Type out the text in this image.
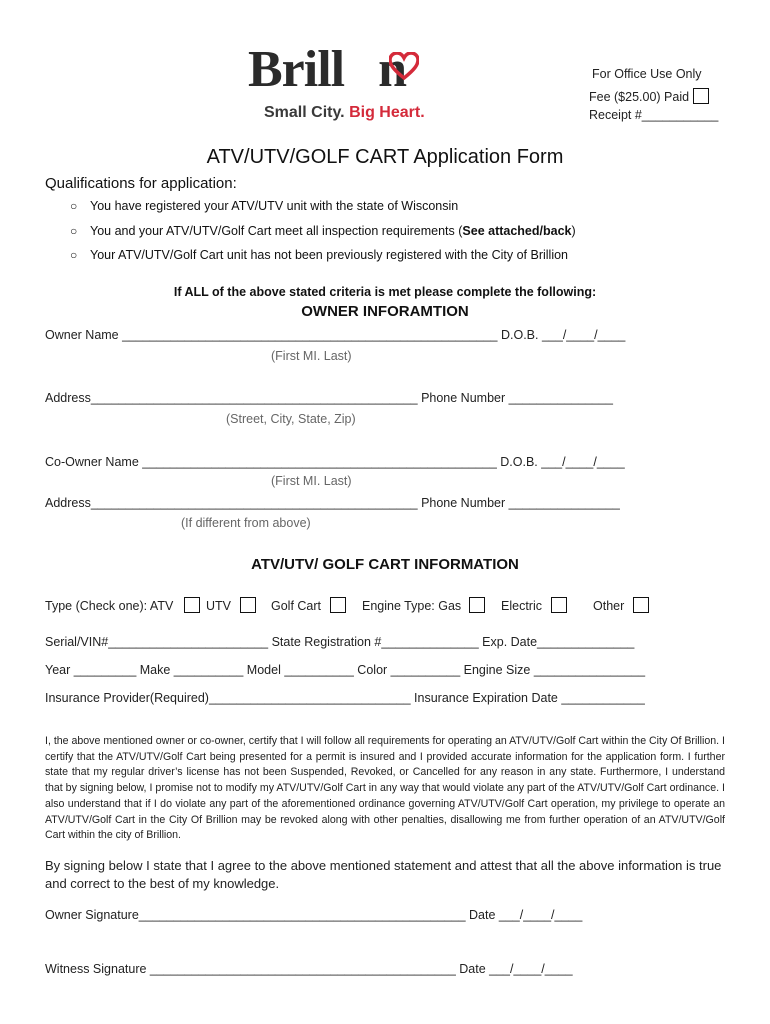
Brill n
Small City. Big Heart.
For Office Use Only
Fee ($25.00) Paid
Receipt #___________
ATV/UTV/GOLF CART Application Form
Qualifications for application:
○ You have registered your ATV/UTV unit with the state of Wisconsin
○ You and your ATV/UTV/Golf Cart meet all inspection requirements (See attached/back)
○ Your ATV/UTV/Golf Cart unit has not been previously registered with the City of Brillion
If ALL of the above stated criteria is met please complete the following:
OWNER INFORAMTION
Owner Name ______________________________________________________ D.O.B. ___/____/____
(First MI. Last)
Address_______________________________________________ Phone Number _______________
(Street, City, State, Zip)
Co-Owner Name ___________________________________________________ D.O.B. ___/____/____
(First MI. Last)
Address_______________________________________________ Phone Number ________________
(If different from above)
ATV/UTV/ GOLF CART INFORMATION
Type (Check one): ATV	UTV	Golf Cart	Engine Type: Gas	Electric	Other
Serial/VIN#_______________________ State Registration #______________ Exp. Date______________
Year _________ Make __________ Model __________ Color __________ Engine Size ________________
Insurance Provider(Required)_____________________________ Insurance Expiration Date ____________
I, the above mentioned owner or co-owner, certify that I will follow all requirements for operating an ATV/UTV/Golf Cart within the City Of Brillion. I certify that the ATV/UTV/Golf Cart being presented for a permit is insured and I provided accurate information for the application form. I further state that my regular driver’s license has not been Suspended, Revoked, or Cancelled for any reason in any state. Furthermore, I understand that by signing below, I promise not to modify my ATV/UTV/Golf Cart in any way that would violate any part of the ATV/UTV/Golf Cart ordinance. I also understand that if I do violate any part of the aforementioned ordinance governing ATV/UTV/Golf Cart operation, my privilege to operate an ATV/UTV/Golf Cart in the City Of Brillion may be revoked along with other penalties, disallowing me from further operation of an ATV/UTV/Golf Cart within the city of Brillion.
By signing below I state that I agree to the above mentioned statement and attest that all the above information is true and correct to the best of my knowledge.
Owner Signature_______________________________________________ Date ___/____/____
Witness Signature ____________________________________________ Date ___/____/____
